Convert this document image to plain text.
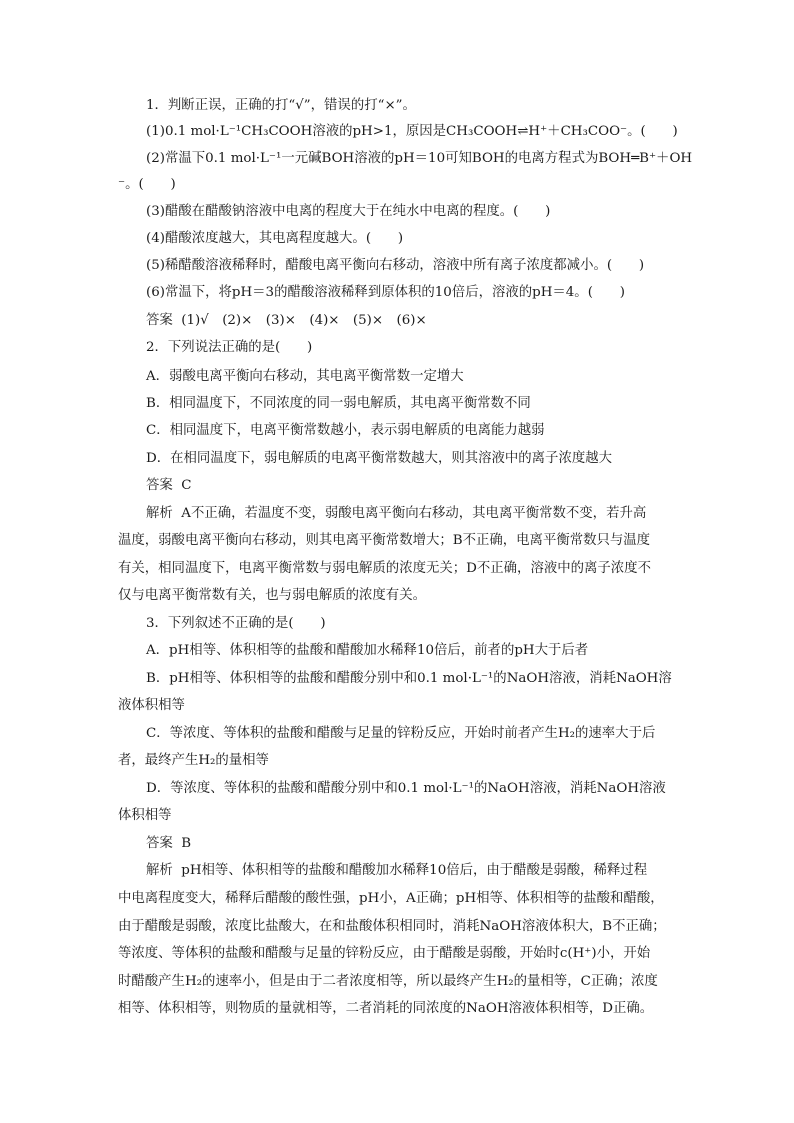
1．判断正误，正确的打“√”，错误的打“×”。
(1)0.1 mol·L⁻¹CH₃COOH溶液的pH>1，原因是CH₃COOH⇌H⁺＋CH₃COO⁻。(　　)
(2)常温下0.1 mol·L⁻¹一元碱BOH溶液的pH＝10可知BOH的电离方程式为BOH═B⁺＋OH
⁻。(　　)
(3)醋酸在醋酸钠溶液中电离的程度大于在纯水中电离的程度。(　　)
(4)醋酸浓度越大，其电离程度越大。(　　)
(5)稀醋酸溶液稀释时，醋酸电离平衡向右移动，溶液中所有离子浓度都减小。(　　)
(6)常温下，将pH＝3的醋酸溶液稀释到原体积的10倍后，溶液的pH＝4。(　　)
答案 (1)√　(2)×　(3)×　(4)×　(5)×　(6)×
2．下列说法正确的是(　　)
A．弱酸电离平衡向右移动，其电离平衡常数一定增大
B．相同温度下，不同浓度的同一弱电解质，其电离平衡常数不同
C．相同温度下，电离平衡常数越小，表示弱电解质的电离能力越弱
D．在相同温度下，弱电解质的电离平衡常数越大，则其溶液中的离子浓度越大
答案 C
解析 A不正确，若温度不变，弱酸电离平衡向右移动，其电离平衡常数不变，若升高
温度，弱酸电离平衡向右移动，则其电离平衡常数增大；B不正确，电离平衡常数只与温度
有关，相同温度下，电离平衡常数与弱电解质的浓度无关；D不正确，溶液中的离子浓度不
仅与电离平衡常数有关，也与弱电解质的浓度有关。
3．下列叙述不正确的是(　　)
A．pH相等、体积相等的盐酸和醋酸加水稀释10倍后，前者的pH大于后者
B．pH相等、体积相等的盐酸和醋酸分别中和0.1 mol·L⁻¹的NaOH溶液，消耗NaOH溶
液体积相等
C．等浓度、等体积的盐酸和醋酸与足量的锌粉反应，开始时前者产生H₂的速率大于后
者，最终产生H₂的量相等
D．等浓度、等体积的盐酸和醋酸分别中和0.1 mol·L⁻¹的NaOH溶液，消耗NaOH溶液
体积相等
答案 B
解析 pH相等、体积相等的盐酸和醋酸加水稀释10倍后，由于醋酸是弱酸，稀释过程
中电离程度变大，稀释后醋酸的酸性强，pH小，A正确；pH相等、体积相等的盐酸和醋酸，
由于醋酸是弱酸，浓度比盐酸大，在和盐酸体积相同时，消耗NaOH溶液体积大，B不正确；
等浓度、等体积的盐酸和醋酸与足量的锌粉反应，由于醋酸是弱酸，开始时c(H⁺)小，开始
时醋酸产生H₂的速率小，但是由于二者浓度相等，所以最终产生H₂的量相等，C正确；浓度
相等、体积相等，则物质的量就相等，二者消耗的同浓度的NaOH溶液体积相等，D正确。
